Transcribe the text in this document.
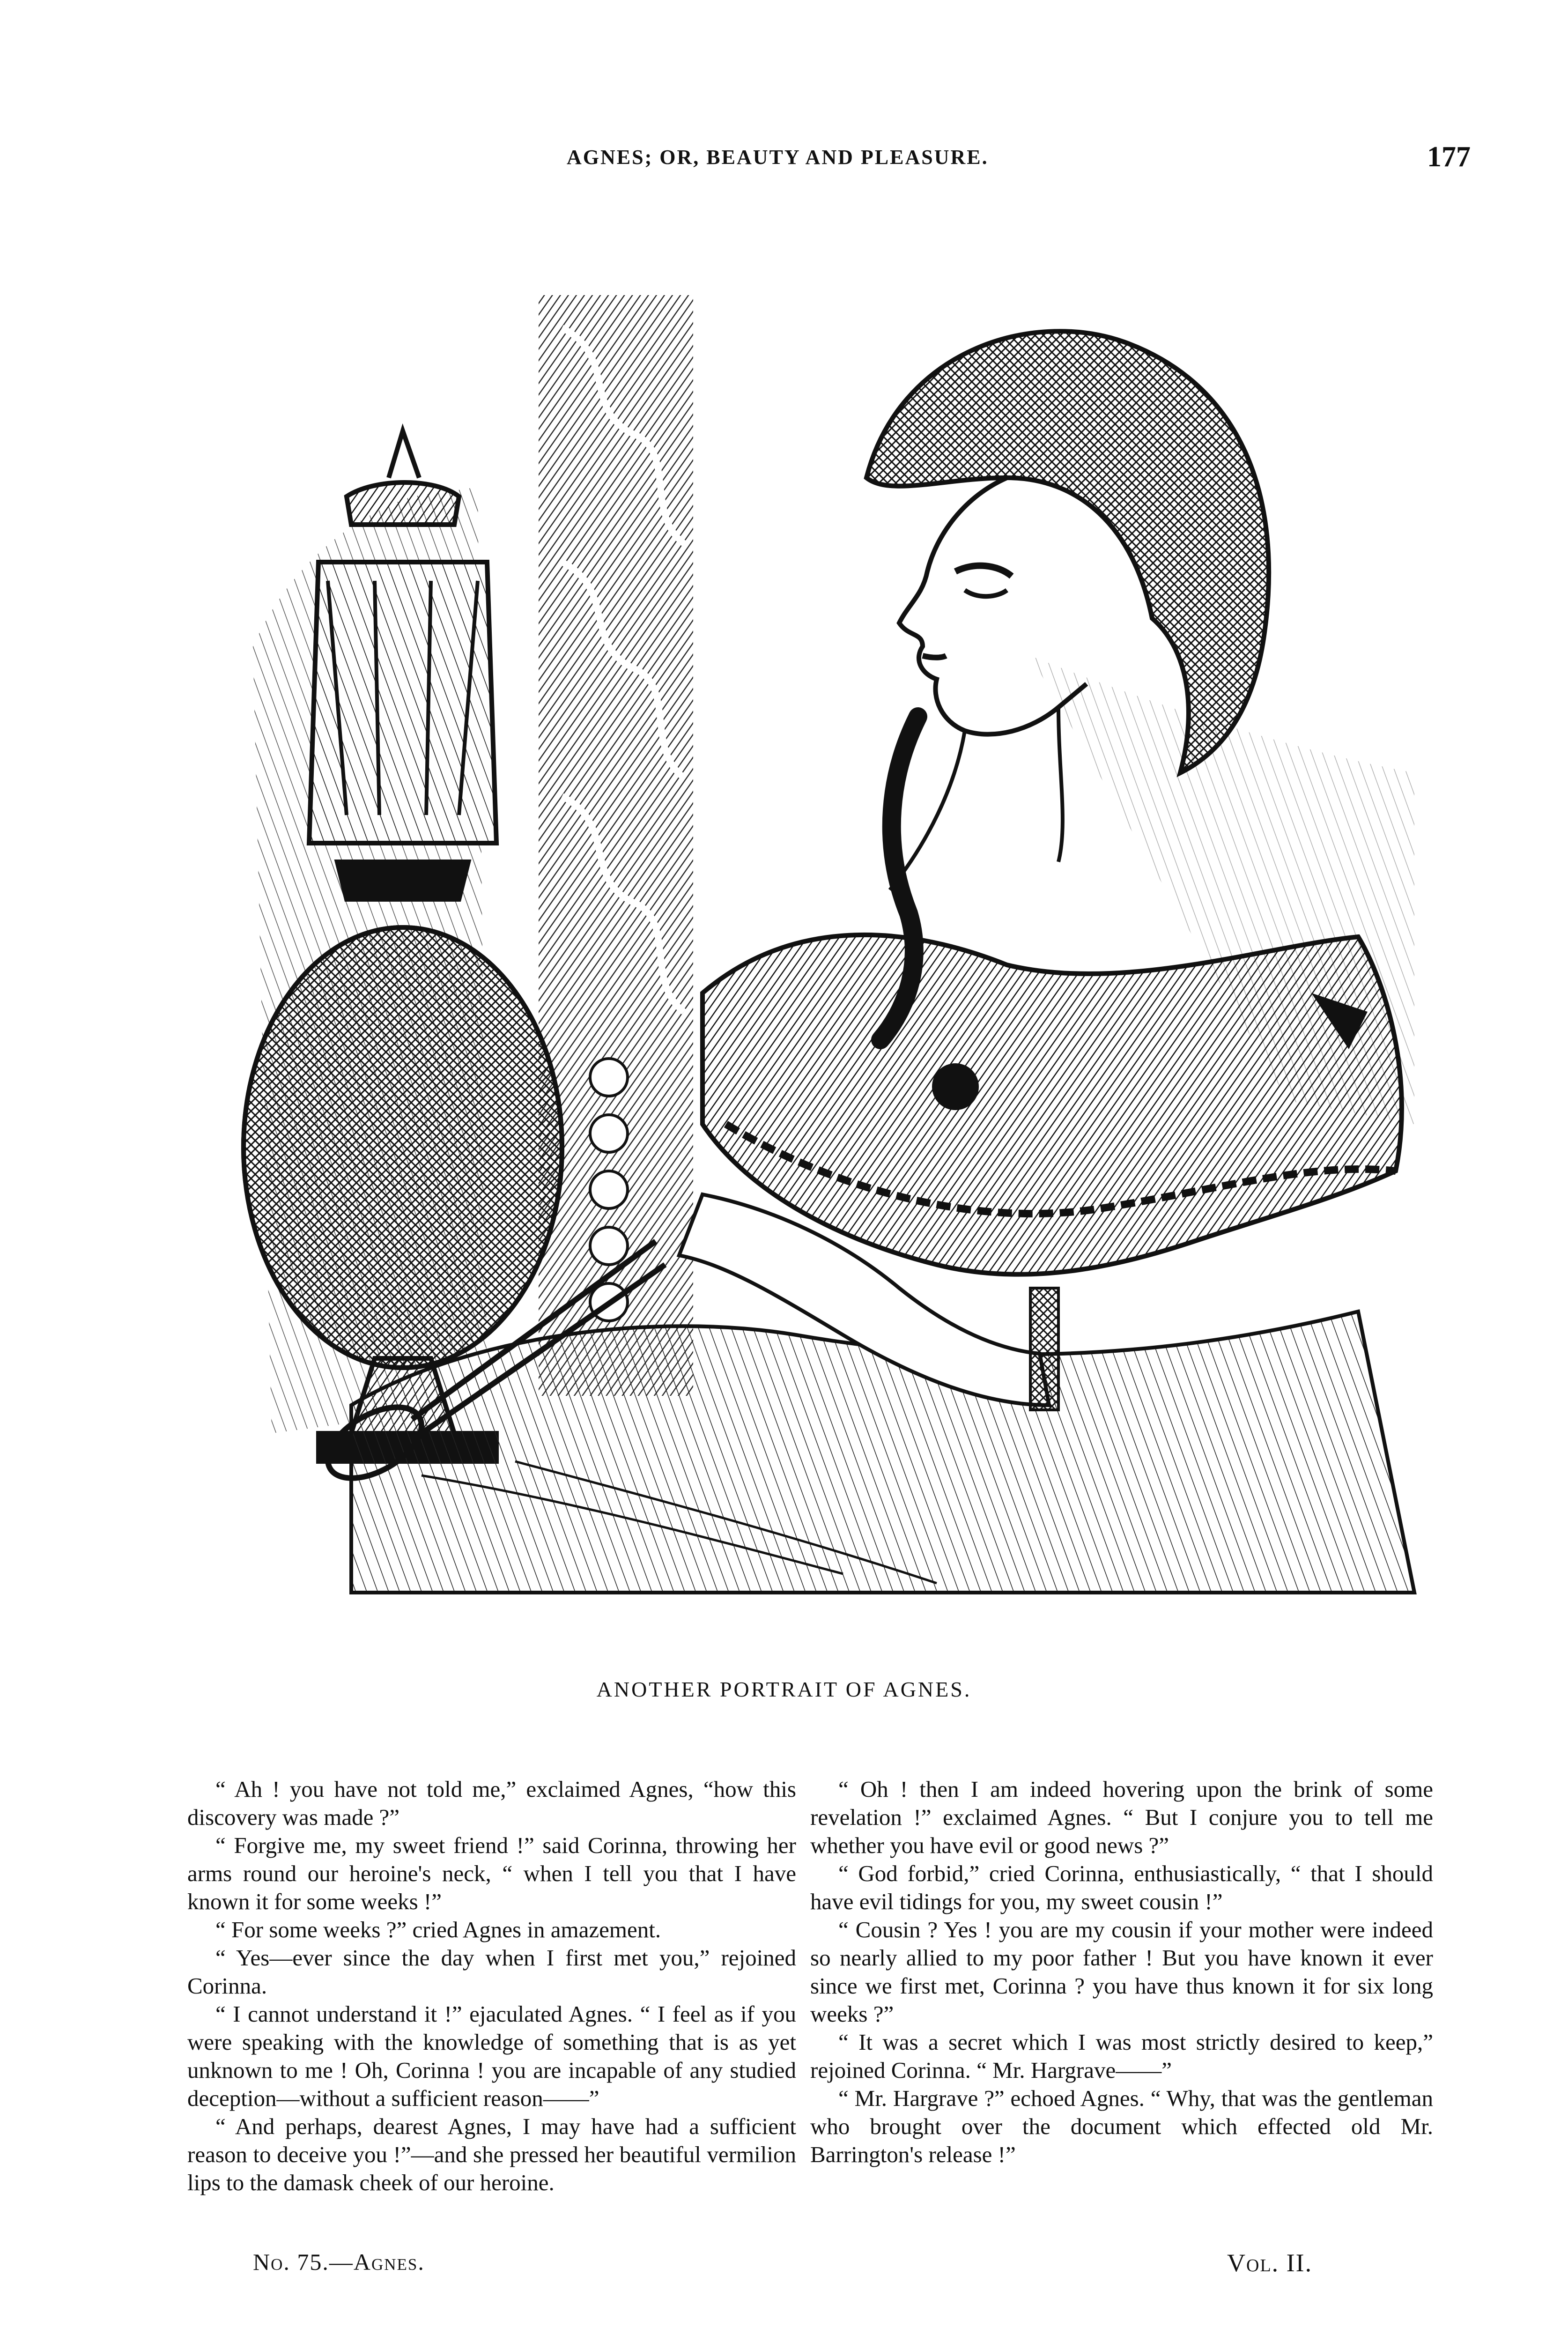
AGNES; OR, BEAUTY AND PLEASURE.	177
ANOTHER PORTRAIT OF AGNES.

“ Ah ! you have not told me,” exclaimed Agnes, “how this discovery was made ?”

“ Forgive me, my sweet friend !” said Corinna, throwing her arms round our heroine's neck, “ when I tell you that I have known it for some weeks !”

“ For some weeks ?” cried Agnes in amazement.

“ Yes—ever since the day when I first met you,” rejoined Corinna.

“ I cannot understand it !” ejaculated Agnes. “ I feel as if you were speaking with the knowledge of something that is as yet unknown to me ! Oh, Corinna ! you are incapable of any studied deception—without a sufficient reason——”

“ And perhaps, dearest Agnes, I may have had a sufficient reason to deceive you !”—and she pressed her beautiful vermilion lips to the damask cheek of our heroine.

“ Oh ! then I am indeed hovering upon the brink of some revelation !” exclaimed Agnes. “ But I conjure you to tell me whether you have evil or good news ?”

“ God forbid,” cried Corinna, enthusiastically, “ that I should have evil tidings for you, my sweet cousin !”

“ Cousin ? Yes ! you are my cousin if your mother were indeed so nearly allied to my poor father ! But you have known it ever since we first met, Corinna ? you have thus known it for six long weeks ?”

“ It was a secret which I was most strictly desired to keep,” rejoined Corinna. “ Mr. Hargrave——”

“ Mr. Hargrave ?” echoed Agnes. “ Why, that was the gentleman who brought over the document which effected old Mr. Barrington's release !”

No. 75.—Agnes.	Vol. II.
